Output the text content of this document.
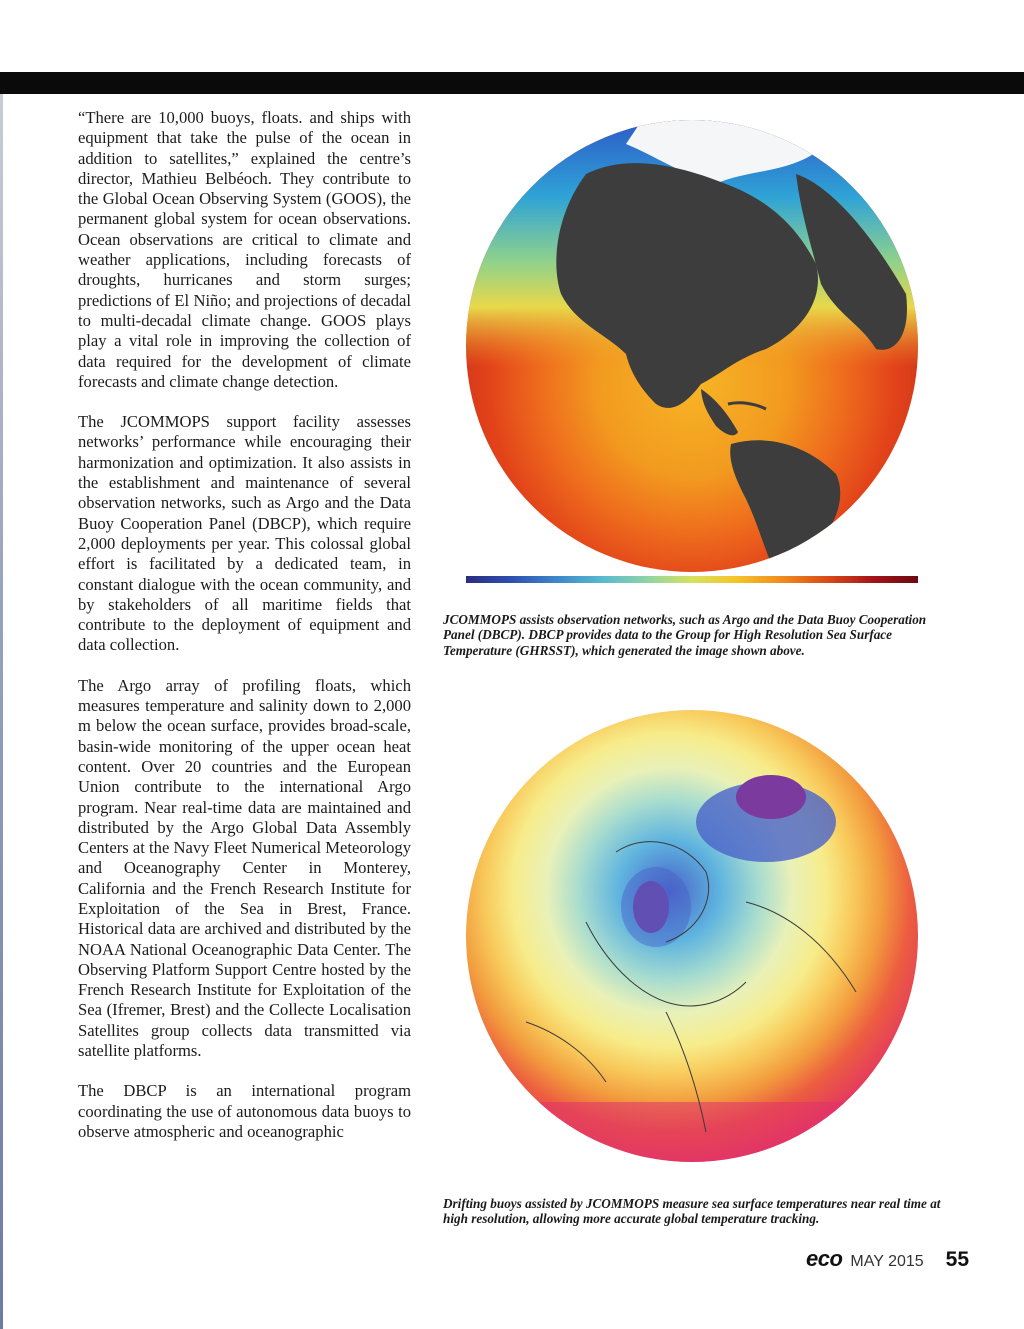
“There are 10,000 buoys, floats. and ships with equipment that take the pulse of the ocean in addition to satellites,” explained the centre’s director, Mathieu Belbéoch. They contribute to the Global Ocean Observing System (GOOS), the permanent global system for ocean observations. Ocean observations are critical to climate and weather applications, including forecasts of droughts, hurricanes and storm surges; predictions of El Niño; and projections of decadal to multi-decadal climate change. GOOS plays play a vital role in improving the collection of data required for the development of climate forecasts and climate change detection.

The JCOMMOPS support facility assesses networks’ performance while encouraging their harmonization and optimization. It also assists in the establishment and maintenance of several observation networks, such as Argo and the Data Buoy Cooperation Panel (DBCP), which require 2,000 deployments per year. This colossal global effort is facilitated by a dedicated team, in constant dialogue with the ocean community, and by stakeholders of all maritime fields that contribute to the deployment of equipment and data collection.

The Argo array of profiling floats, which measures temperature and salinity down to 2,000 m below the ocean surface, provides broad-scale, basin-wide monitoring of the upper ocean heat content. Over 20 countries and the European Union contribute to the international Argo program. Near real-time data are maintained and distributed by the Argo Global Data Assembly Centers at the Navy Fleet Numerical Meteorology and Oceanography Center in Monterey, California and the French Research Institute for Exploitation of the Sea in Brest, France. Historical data are archived and distributed by the NOAA National Oceanographic Data Center. The Observing Platform Support Centre hosted by the French Research Institute for Exploitation of the Sea (Ifremer, Brest) and the Collecte Localisation Satellites group collects data transmitted via satellite platforms.

The DBCP is an international program coordinating the use of autonomous data buoys to observe atmospheric and oceanographic

JCOMMOPS assists observation networks, such as Argo and the Data Buoy Cooperation Panel (DBCP). DBCP provides data to the Group for High Resolution Sea Surface Temperature (GHRSST), which generated the image shown above.
Drifting buoys assisted by JCOMMOPS measure sea surface temperatures near real time at high resolution, allowing more accurate global temperature tracking.
eco MAY 2015 55
